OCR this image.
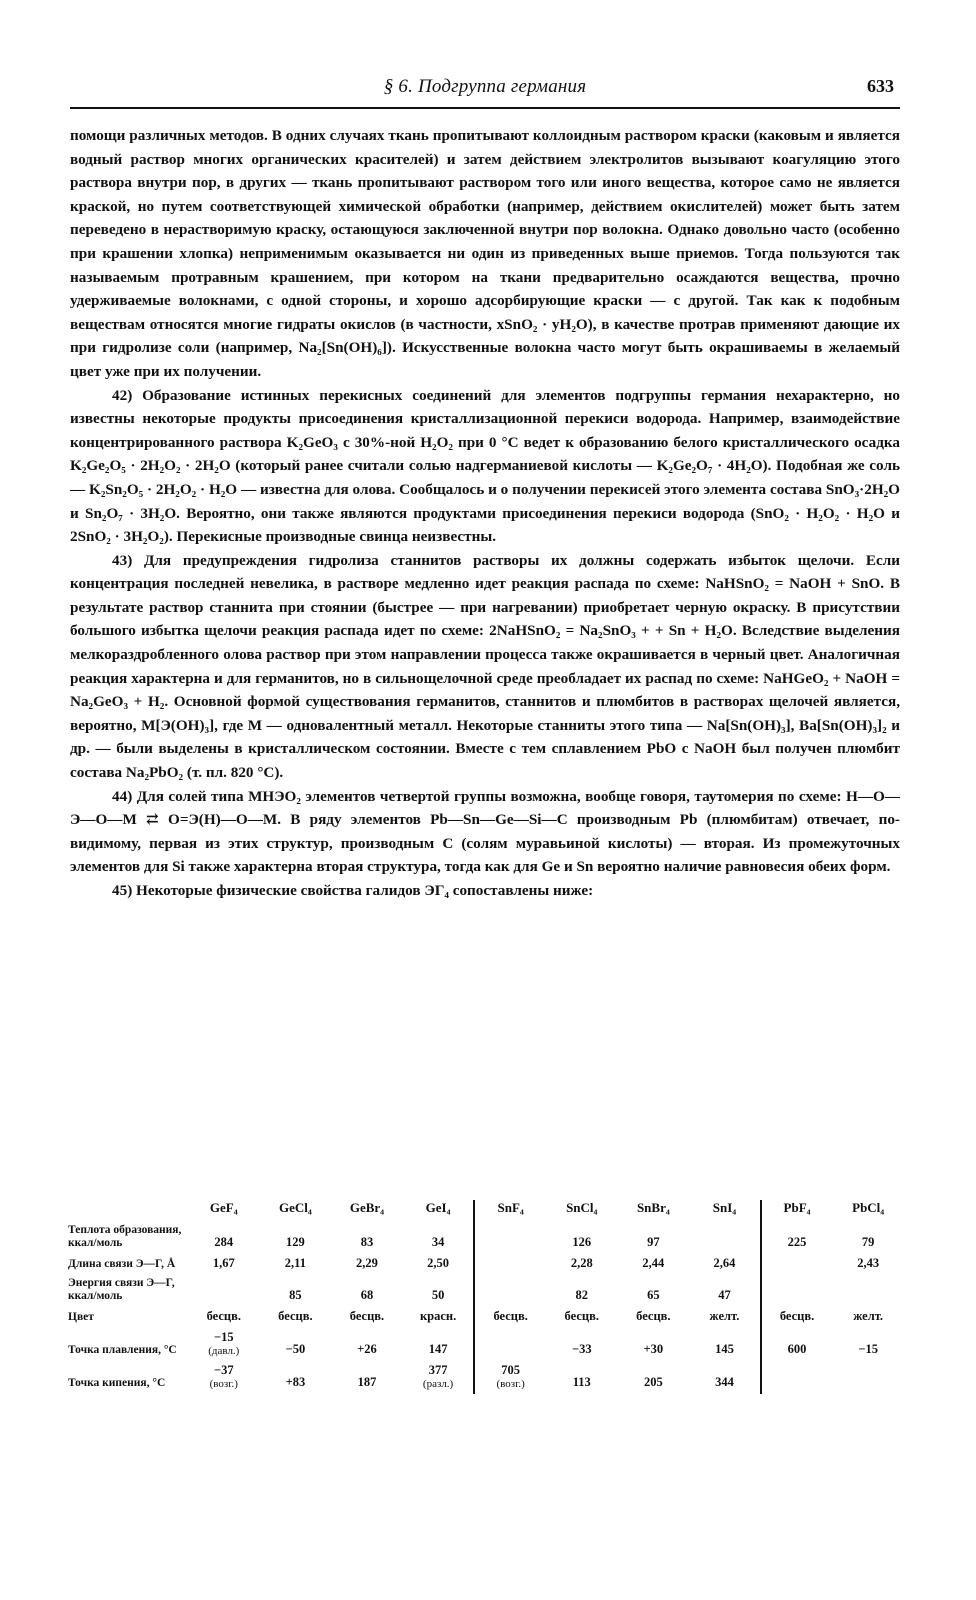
§ 6. Подгруппа германия	633

помощи различных методов. В одних случаях ткань пропитывают коллоидным раствором краски (каковым и является водный раствор многих органических красителей) и затем действием электролитов вызывают коагуляцию этого раствора внутри пор, в других — ткань пропитывают раствором того или иного вещества, которое само не является краской, но путем соответствующей химической обработки (например, действием окислителей) может быть затем переведено в нерастворимую краску, остающуюся заключенной внутри пор волокна. Однако довольно часто (особенно при крашении хлопка) неприменимым оказывается ни один из приведенных выше приемов. Тогда пользуются так называемым протравным крашением, при котором на ткани предварительно осаждаются вещества, прочно удерживаемые волокнами, с одной стороны, и хорошо адсорбирующие краски — с другой. Так как к подобным веществам относятся многие гидраты окислов (в частности, xSnO₂ · yH₂O), в качестве протрав применяют дающие их при гидролизе соли (например, Na₂[Sn(OH)₆]). Искусственные волокна часто могут быть окрашиваемы в желаемый цвет уже при их получении.

42) Образование истинных перекисных соединений для элементов подгруппы германия нехарактерно, но известны некоторые продукты присоединения кристаллизационной перекиси водорода. Например, взаимодействие концентрированного раствора K₂GeO₃ с 30%-ной H₂O₂ при 0 °C ведет к образованию белого кристаллического осадка K₂Ge₂O₅ · 2H₂O₂ · 2H₂O (который ранее считали солью надгерманиевой кислоты — K₂Ge₂O₇ · 4H₂O). Подобная же соль — K₂Sn₂O₅ · 2H₂O₂ · H₂O — известна для олова. Сообщалось и о получении перекисей этого элемента состава SnO₃·2H₂O и Sn₂O₇ · 3H₂O. Вероятно, они также являются продуктами присоединения перекиси водорода (SnO₂ · H₂O₂ · H₂O и 2SnO₂ · 3H₂O₂). Перекисные производные свинца неизвестны.

43) Для предупреждения гидролиза станнитов растворы их должны содержать избыток щелочи. Если концентрация последней невелика, в растворе медленно идет реакция распада по схеме: NaHSnO₂ = NaOH + SnO. В результате раствор станнита при стоянии (быстрее — при нагревании) приобретает черную окраску. В присутствии большого избытка щелочи реакция распада идет по схеме: 2NaHSnO₂ = Na₂SnO₃ + + Sn + H₂O. Вследствие выделения мелкораздробленного олова раствор при этом направлении процесса также окрашивается в черный цвет. Аналогичная реакция характерна и для германитов, но в сильнощелочной среде преобладает их распад по схеме: NaHGeO₂ + NaOH = Na₂GeO₃ + H₂. Основной формой существования германитов, станнитов и плюмбитов в растворах щелочей является, вероятно, M[Э(OH)₃], где M — одновалентный металл. Некоторые станниты этого типа — Na[Sn(OH)₃], Ba[Sn(OH)₃]₂ и др. — были выделены в кристаллическом состоянии. Вместе с тем сплавлением PbO с NaOH был получен плюмбит состава Na₂PbO₂ (т. пл. 820 °C).

44) Для солей типа MHЭO₂ элементов четвертой группы возможна, вообще говоря, таутомерия по схеме: H—O—Э—O—M ⇄ O=Э(H)—O—M. В ряду элементов Pb—Sn—Ge—Si—C производным Pb (плюмбитам) отвечает, по-видимому, первая из этих структур, производным C (солям муравьиной кислоты) — вторая. Из промежуточных элементов для Si также характерна вторая структура, тогда как для Ge и Sn вероятно наличие равновесия обеих форм.

45) Некоторые физические свойства галидов ЭГ₄ сопоставлены ниже:

	GeF₄	GeCl₄	GeBr₄	GeI₄	SnF₄	SnCl₄	SnBr₄	SnI₄	PbF₄	PbCl₄
Теплота образования, ккал/моль	284	129	83	34		126	97		225	79
Длина связи Э—Г, Å	1,67	2,11	2,29	2,50		2,28	2,44	2,64		2,43
Энергия связи Э—Г, ккал/моль		85	68	50		82	65	47		
Цвет	бесцв.	бесцв.	бесцв.	красн.	бесцв.	бесцв.	бесцв.	желт.	бесцв.	желт.
Точка плавления, °C	−15
(давл.)	−50	+26	147		−33	+30	145	600	−15
Точка кипения, °C	−37
(возг.)	+83	187	377
(разл.)	705
(возг.)	113	205	344		
